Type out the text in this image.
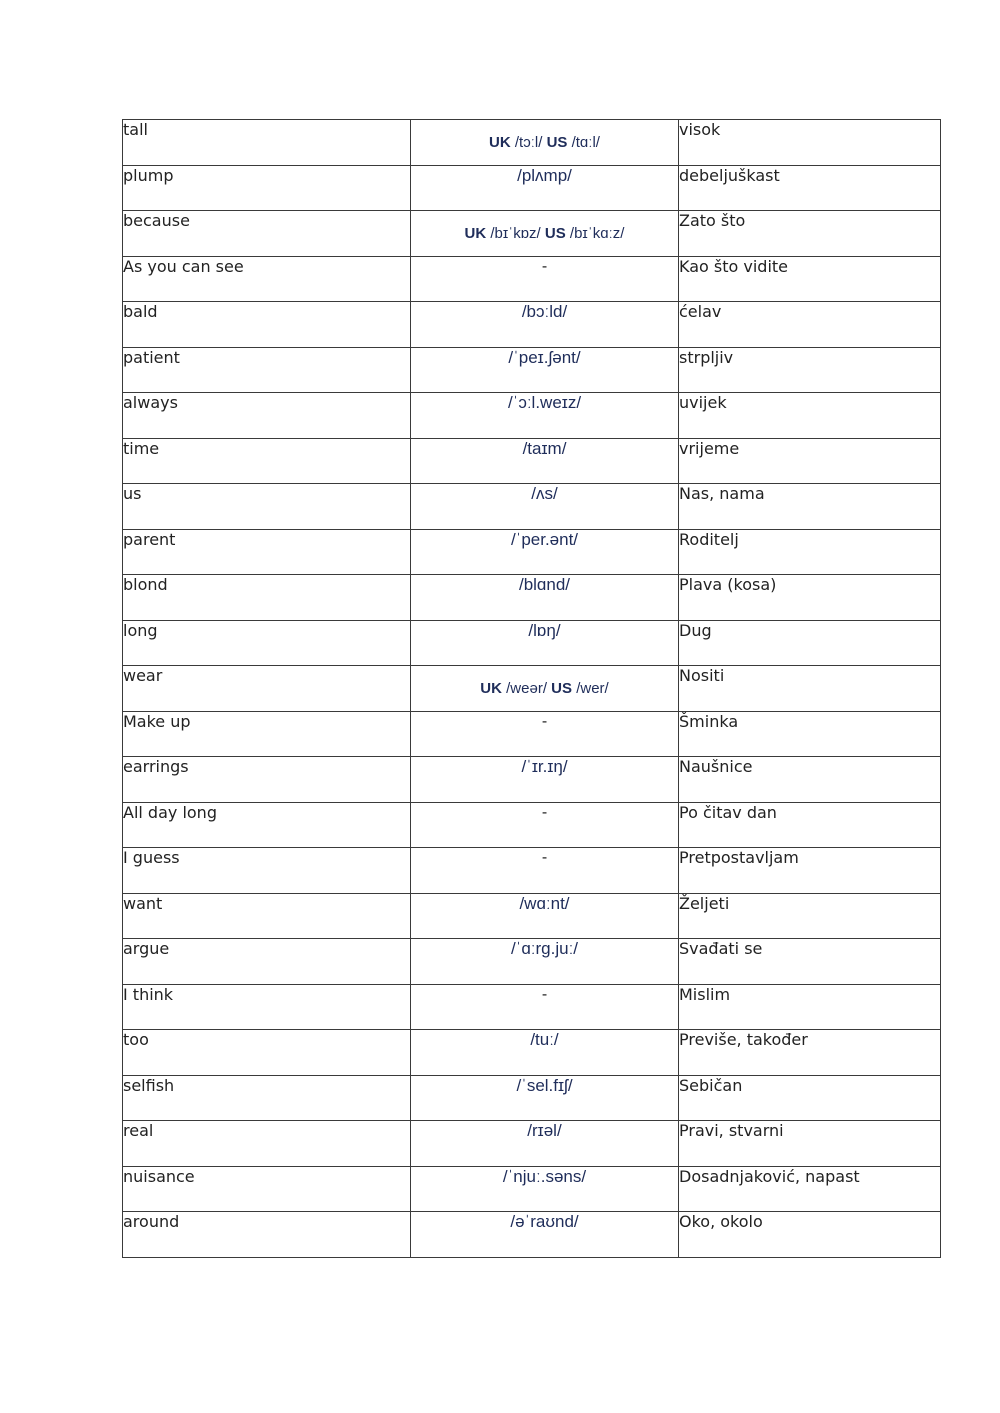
tall	UK /tɔːl/ US /tɑːl/	visok
plump	/plʌmp/	debeljuškast
because	UK /bɪˈkɒz/ US /bɪˈkɑːz/	Zato što
As you can see	-	Kao što vidite
bald	/bɔːld/	ćelav
patient	/ˈpeɪ.ʃənt/	strpljiv
always	/ˈɔːl.weɪz/	uvijek
time	/taɪm/	vrijeme
us	/ʌs/	Nas, nama
parent	/ˈper.ənt/	Roditelj
blond	/blɑnd/	Plava (kosa)
long	/lɒŋ/	Dug
wear	UK /weər/ US /wer/	Nositi
Make up	-	Šminka
earrings	/ˈɪr.ɪŋ/	Naušnice
All day long	-	Po čitav dan
I guess	-	Pretpostavljam
want	/wɑːnt/	Željeti
argue	/ˈɑːrg.juː/	Svađati se
I think	-	Mislim
too	/tuː/	Previše, također
selfish	/ˈsel.fɪʃ/	Sebičan
real	/rɪəl/	Pravi, stvarni
nuisance	/ˈnjuː.səns/	Dosadnjaković, napast
around	/əˈraʊnd/	Oko, okolo
